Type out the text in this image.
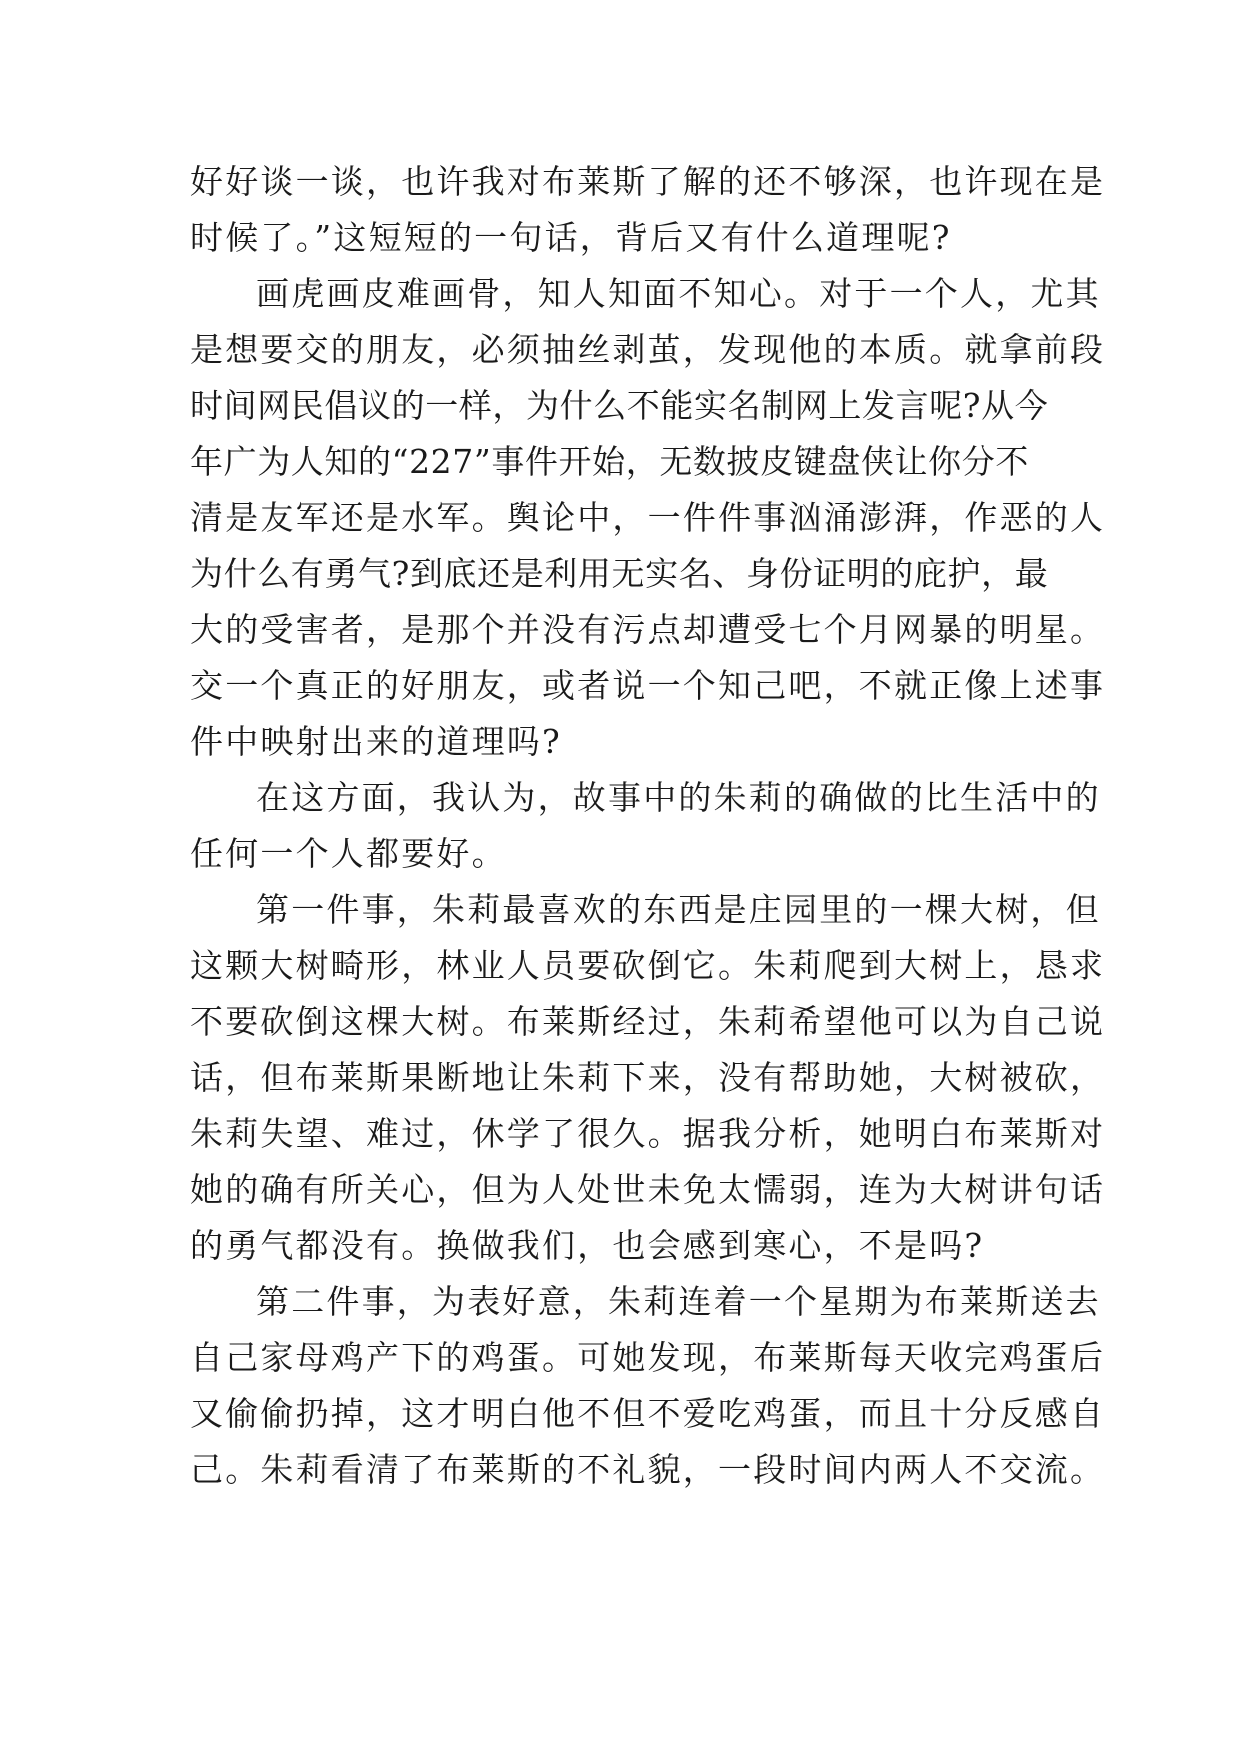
好好谈一谈，也许我对布莱斯了解的还不够深，也许现在是

时候了。”这短短的一句话，背后又有什么道理呢?

画虎画皮难画骨，知人知面不知心。对于一个人，尤其

是想要交的朋友，必须抽丝剥茧，发现他的本质。就拿前段

时间网民倡议的一样，为什么不能实名制网上发言呢?从今

年广为人知的“227”事件开始，无数披皮键盘侠让你分不

清是友军还是水军。舆论中，一件件事汹涌澎湃，作恶的人

为什么有勇气?到底还是利用无实名、身份证明的庇护，最

大的受害者，是那个并没有污点却遭受七个月网暴的明星。

交一个真正的好朋友，或者说一个知己吧，不就正像上述事

件中映射出来的道理吗?

在这方面，我认为，故事中的朱莉的确做的比生活中的

任何一个人都要好。

第一件事，朱莉最喜欢的东西是庄园里的一棵大树，但

这颗大树畸形，林业人员要砍倒它。朱莉爬到大树上，恳求

不要砍倒这棵大树。布莱斯经过，朱莉希望他可以为自己说

话，但布莱斯果断地让朱莉下来，没有帮助她，大树被砍，

朱莉失望、难过，休学了很久。据我分析，她明白布莱斯对

她的确有所关心，但为人处世未免太懦弱，连为大树讲句话

的勇气都没有。换做我们，也会感到寒心，不是吗?

第二件事，为表好意，朱莉连着一个星期为布莱斯送去

自己家母鸡产下的鸡蛋。可她发现，布莱斯每天收完鸡蛋后

又偷偷扔掉，这才明白他不但不爱吃鸡蛋，而且十分反感自

己。朱莉看清了布莱斯的不礼貌，一段时间内两人不交流。
